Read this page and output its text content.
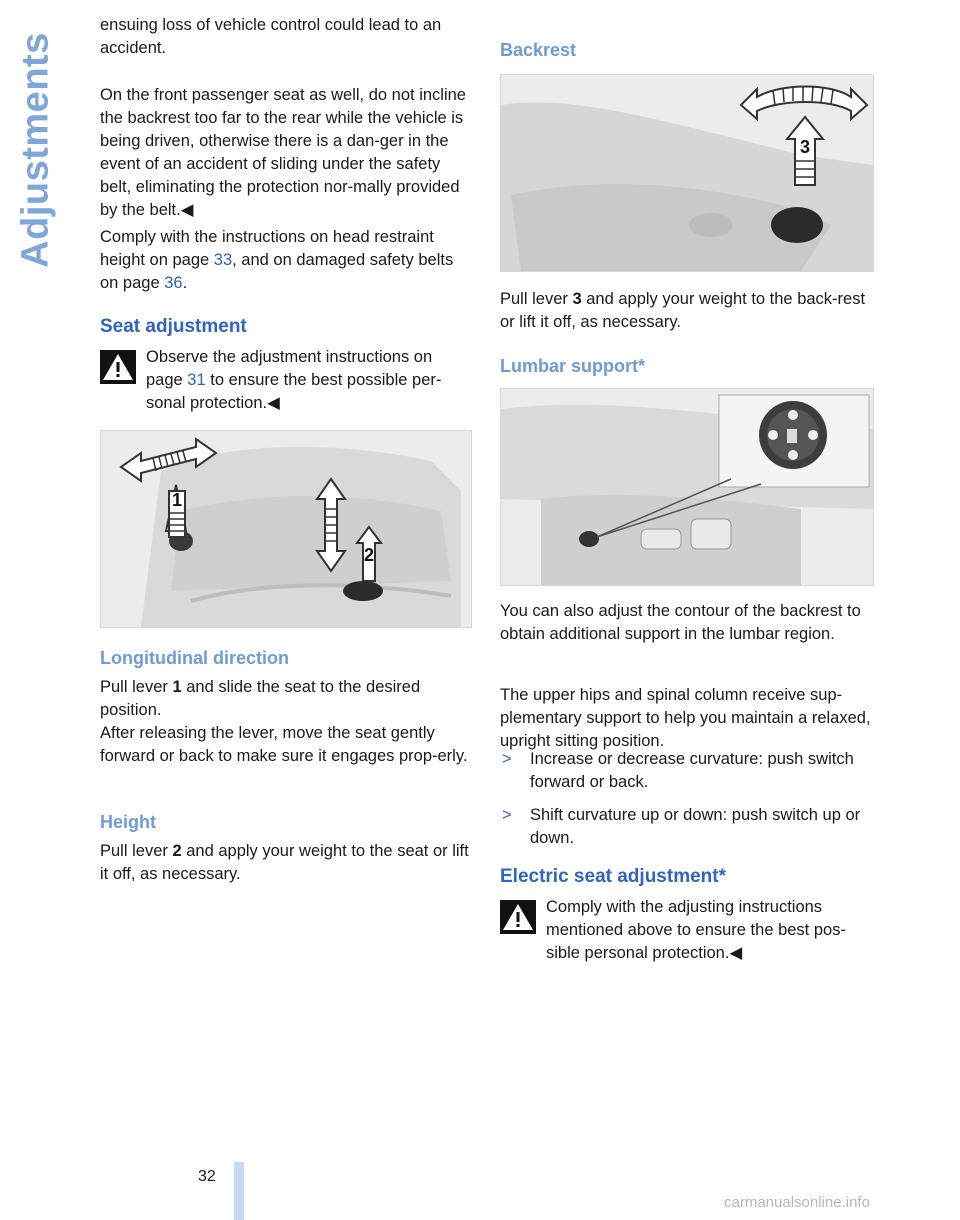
Adjustments

ensuing loss of vehicle control could lead to an accident.

On the front passenger seat as well, do not incline the backrest too far to the rear while the vehicle is being driven, otherwise there is a dan-ger in the event of an accident of sliding under the safety belt, eliminating the protection nor-mally provided by the belt.◀

Comply with the instructions on head restraint height on page 33, and on damaged safety belts on page 36.

Seat adjustment

Observe the adjustment instructions on page 31 to ensure the best possible per-sonal protection.◀

1
2
Longitudinal direction

Pull lever 1 and slide the seat to the desired position.

After releasing the lever, move the seat gently forward or back to make sure it engages prop-erly.

Height

Pull lever 2 and apply your weight to the seat or lift it off, as necessary.

Backrest
3

Pull lever 3 and apply your weight to the back-rest or lift it off, as necessary.

Lumbar support*

You can also adjust the contour of the backrest to obtain additional support in the lumbar region.

The upper hips and spinal column receive sup-plementary support to help you maintain a relaxed, upright sitting position.

> Increase or decrease curvature: push switch forward or back.
> Shift curvature up or down: push switch up or down.
Electric seat adjustment*

Comply with the adjusting instructions mentioned above to ensure the best pos-sible personal protection.◀

32
carmanualsonline.info
